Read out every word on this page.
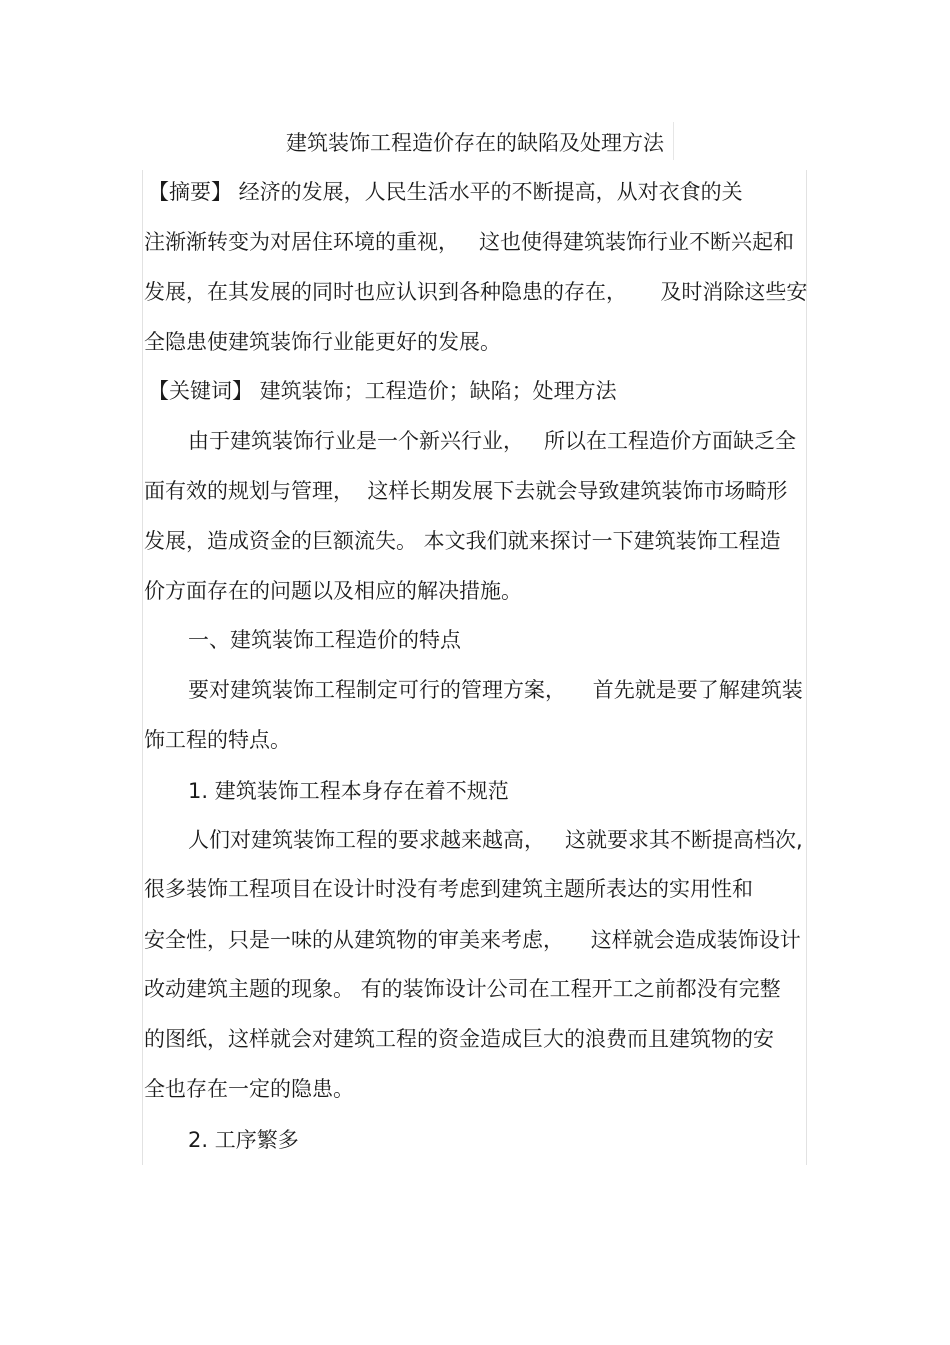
建筑装饰工程造价存在的缺陷及处理方法
【摘要】 经济的发展，人民生活水平的不断提高，从对衣食的关
注渐渐转变为对居住环境的重视，   这也使得建筑装饰行业不断兴起和
发展，在其发展的同时也应认识到各种隐患的存在，     及时消除这些安
全隐患使建筑装饰行业能更好的发展。
【关键词】 建筑装饰；工程造价；缺陷；处理方法
由于建筑装饰行业是一个新兴行业，   所以在工程造价方面缺乏全
面有效的规划与管理，  这样长期发展下去就会导致建筑装饰市场畸形
发展，造成资金的巨额流失。 本文我们就来探讨一下建筑装饰工程造
价方面存在的问题以及相应的解决措施。
一、建筑装饰工程造价的特点
要对建筑装饰工程制定可行的管理方案，    首先就是要了解建筑装
饰工程的特点。
1. 建筑装饰工程本身存在着不规范
人们对建筑装饰工程的要求越来越高，   这就要求其不断提高档次,
很多装饰工程项目在设计时没有考虑到建筑主题所表达的实用性和
安全性，只是一味的从建筑物的审美来考虑，    这样就会造成装饰设计
改动建筑主题的现象。 有的装饰设计公司在工程开工之前都没有完整
的图纸，这样就会对建筑工程的资金造成巨大的浪费而且建筑物的安
全也存在一定的隐患。
2. 工序繁多
